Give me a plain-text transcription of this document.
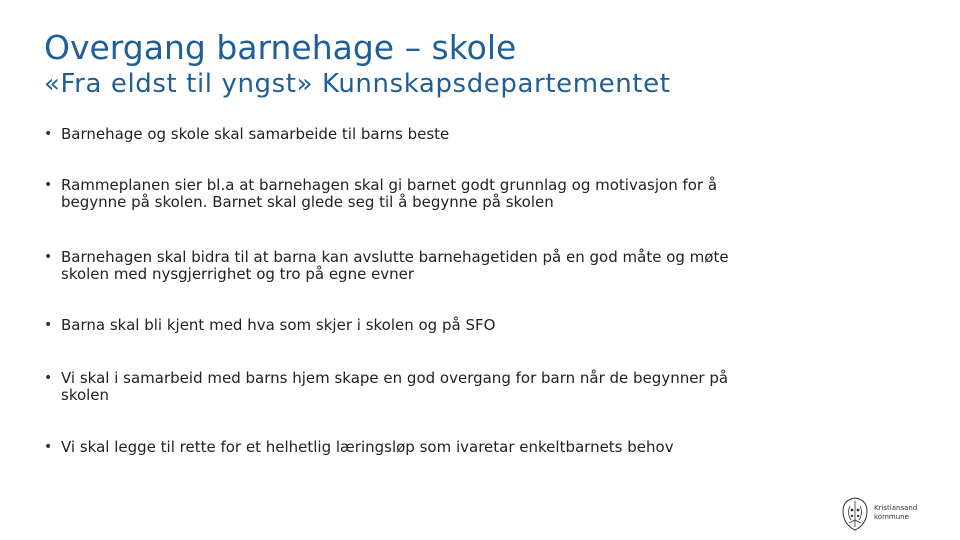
Overgang barnehage – skole
«Fra eldst til yngst» Kunnskapsdepartementet
• Barnehage og skole skal samarbeide til barns beste
• Rammeplanen sier bl.a at barnehagen skal gi barnet godt grunnlag og motivasjon for å
begynne på skolen. Barnet skal glede seg til å begynne på skolen
• Barnehagen skal bidra til at barna kan avslutte barnehagetiden på en god måte og møte
skolen med nysgjerrighet og tro på egne evner
• Barna skal bli kjent med hva som skjer i skolen og på SFO
• Vi skal i samarbeid med barns hjem skape en god overgang for barn når de begynner på
skolen
• Vi skal legge til rette for et helhetlig læringsløp som ivaretar enkeltbarnets behov
Kristiansand
kommune
